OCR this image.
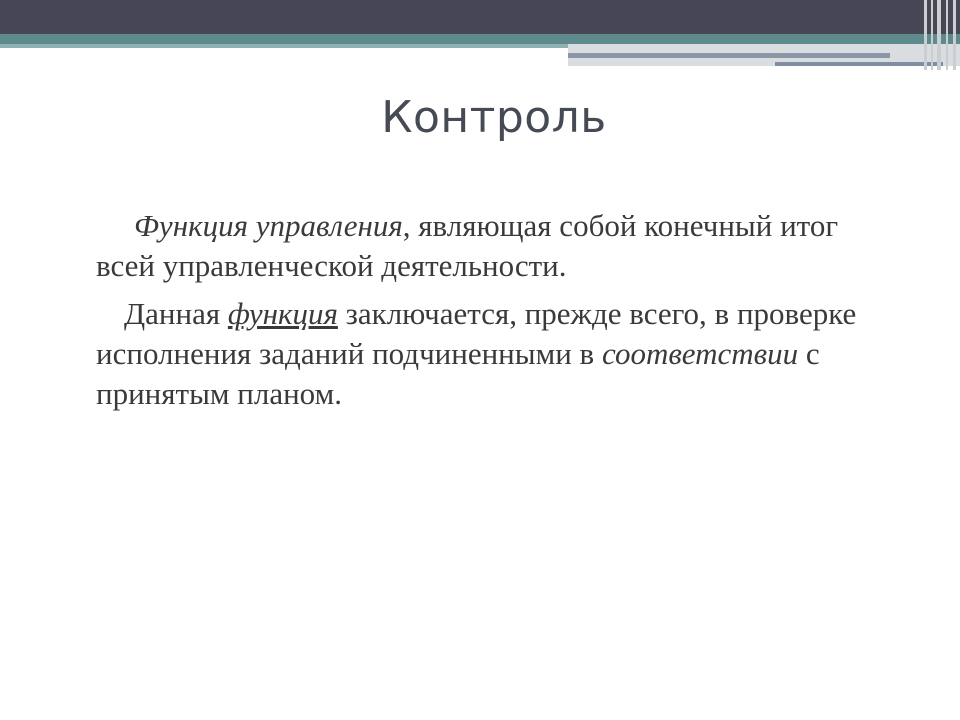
Контроль

Функция управления, являющая собой конечный итог всей управленческой деятельности.

Данная функция заключается, прежде всего, в проверке исполнения заданий подчиненными в соответствии с принятым планом.
